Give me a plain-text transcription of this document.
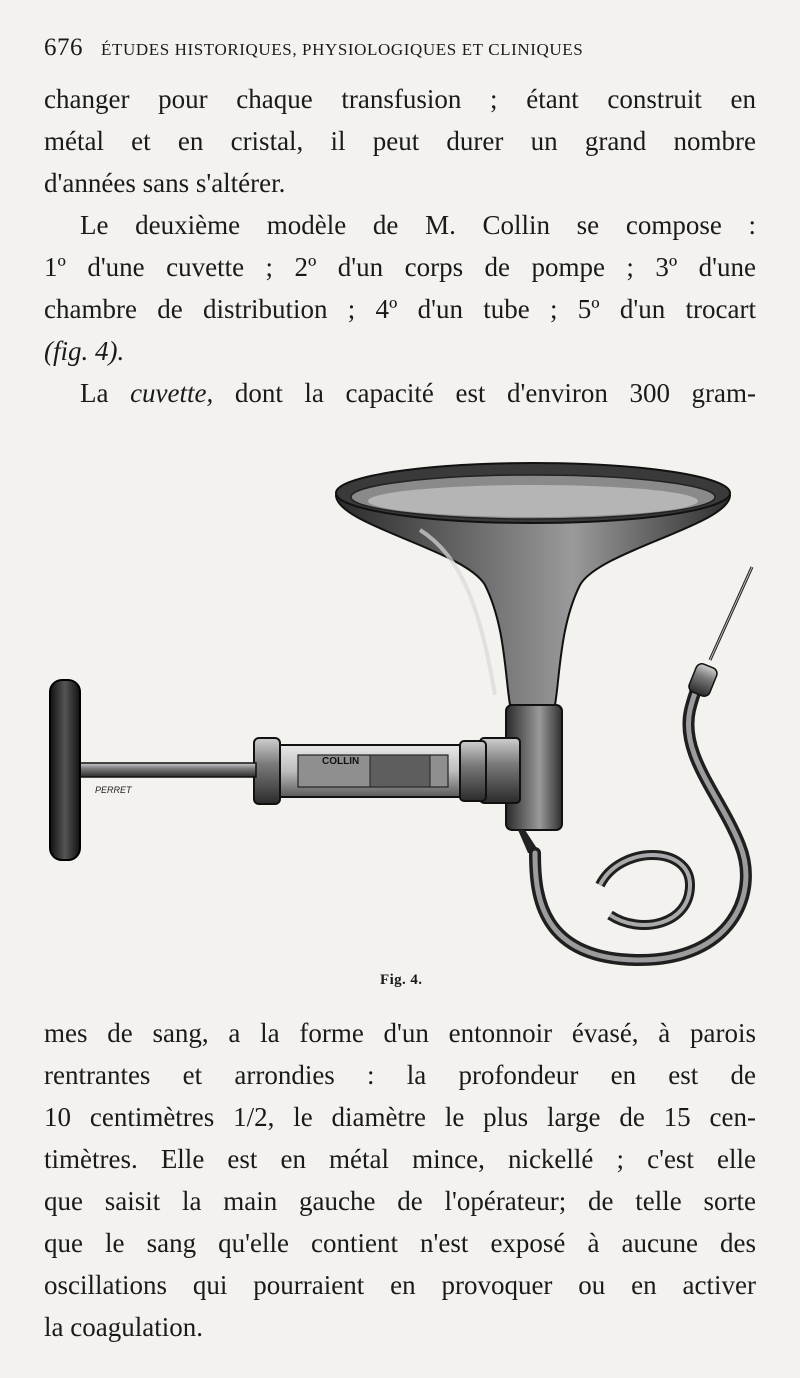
676 ÉTUDES HISTORIQUES, PHYSIOLOGIQUES ET CLINIQUES
changer pour chaque transfusion ; étant construit en
métal et en cristal, il peut durer un grand nombre
d'années sans s'altérer.
Le deuxième modèle de M. Collin se compose :
1º d'une cuvette ; 2º d'un corps de pompe ; 3º d'une
chambre de distribution ; 4º d'un tube ; 5º d'un trocart
(fig. 4).
La cuvette, dont la capacité est d'environ 300 gram-
COLLIN
PERRET
Fig. 4.
mes de sang, a la forme d'un entonnoir évasé, à parois
rentrantes et arrondies : la profondeur en est de
10 centimètres 1/2, le diamètre le plus large de 15 cen-
timètres. Elle est en métal mince, nickellé ; c'est elle
que saisit la main gauche de l'opérateur; de telle sorte
que le sang qu'elle contient n'est exposé à aucune des
oscillations qui pourraient en provoquer ou en activer
la coagulation.
